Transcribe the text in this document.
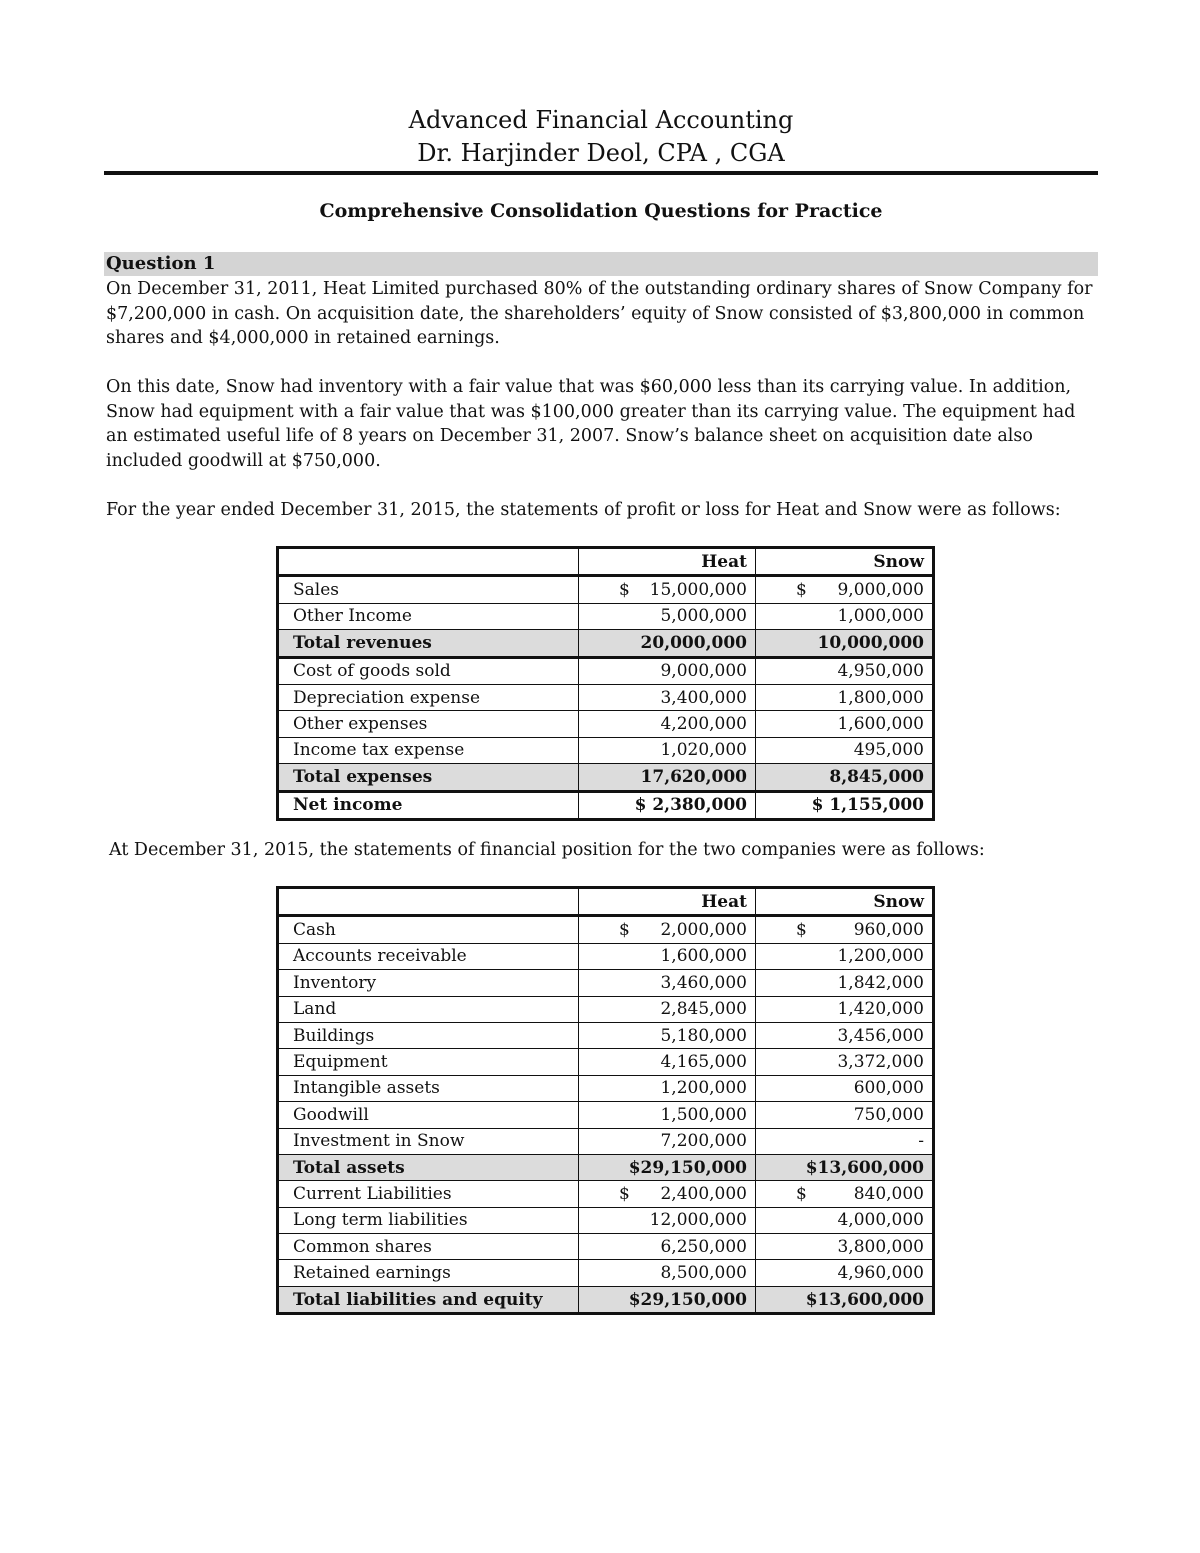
Advanced Financial Accounting
Dr. Harjinder Deol, CPA , CGA
Comprehensive Consolidation Questions for Practice
Question 1

On December 31, 2011, Heat Limited purchased 80% of the outstanding ordinary shares of Snow Company for $7,200,000 in cash. On acquisition date, the shareholders’ equity of Snow consisted of $3,800,000 in common shares and $4,000,000 in retained earnings.

On this date, Snow had inventory with a fair value that was $60,000 less than its carrying value. In addition, Snow had equipment with a fair value that was $100,000 greater than its carrying value. The equipment had an estimated useful life of 8 years on December 31, 2007. Snow’s balance sheet on acquisition date also included goodwill at $750,000.

For the year ended December 31, 2015, the statements of profit or loss for Heat and Snow were as follows:

	Heat	Snow
Sales	$ 15,000,000	$ 9,000,000
Other Income	5,000,000	1,000,000
Total revenues	20,000,000	10,000,000
Cost of goods sold	9,000,000	4,950,000
Depreciation expense	3,400,000	1,800,000
Other expenses	4,200,000	1,600,000
Income tax expense	1,020,000	495,000
Total expenses	17,620,000	8,845,000
Net income	$ 2,380,000	$ 1,155,000

At December 31, 2015, the statements of financial position for the two companies were as follows:

	Heat	Snow
Cash	$ 2,000,000	$ 960,000
Accounts receivable	1,600,000	1,200,000
Inventory	3,460,000	1,842,000
Land	2,845,000	1,420,000
Buildings	5,180,000	3,456,000
Equipment	4,165,000	3,372,000
Intangible assets	1,200,000	600,000
Goodwill	1,500,000	750,000
Investment in Snow	7,200,000	-
Total assets	$29,150,000	$13,600,000
Current Liabilities	$ 2,400,000	$ 840,000
Long term liabilities	12,000,000	4,000,000
Common shares	6,250,000	3,800,000
Retained earnings	8,500,000	4,960,000
Total liabilities and equity	$29,150,000	$13,600,000
